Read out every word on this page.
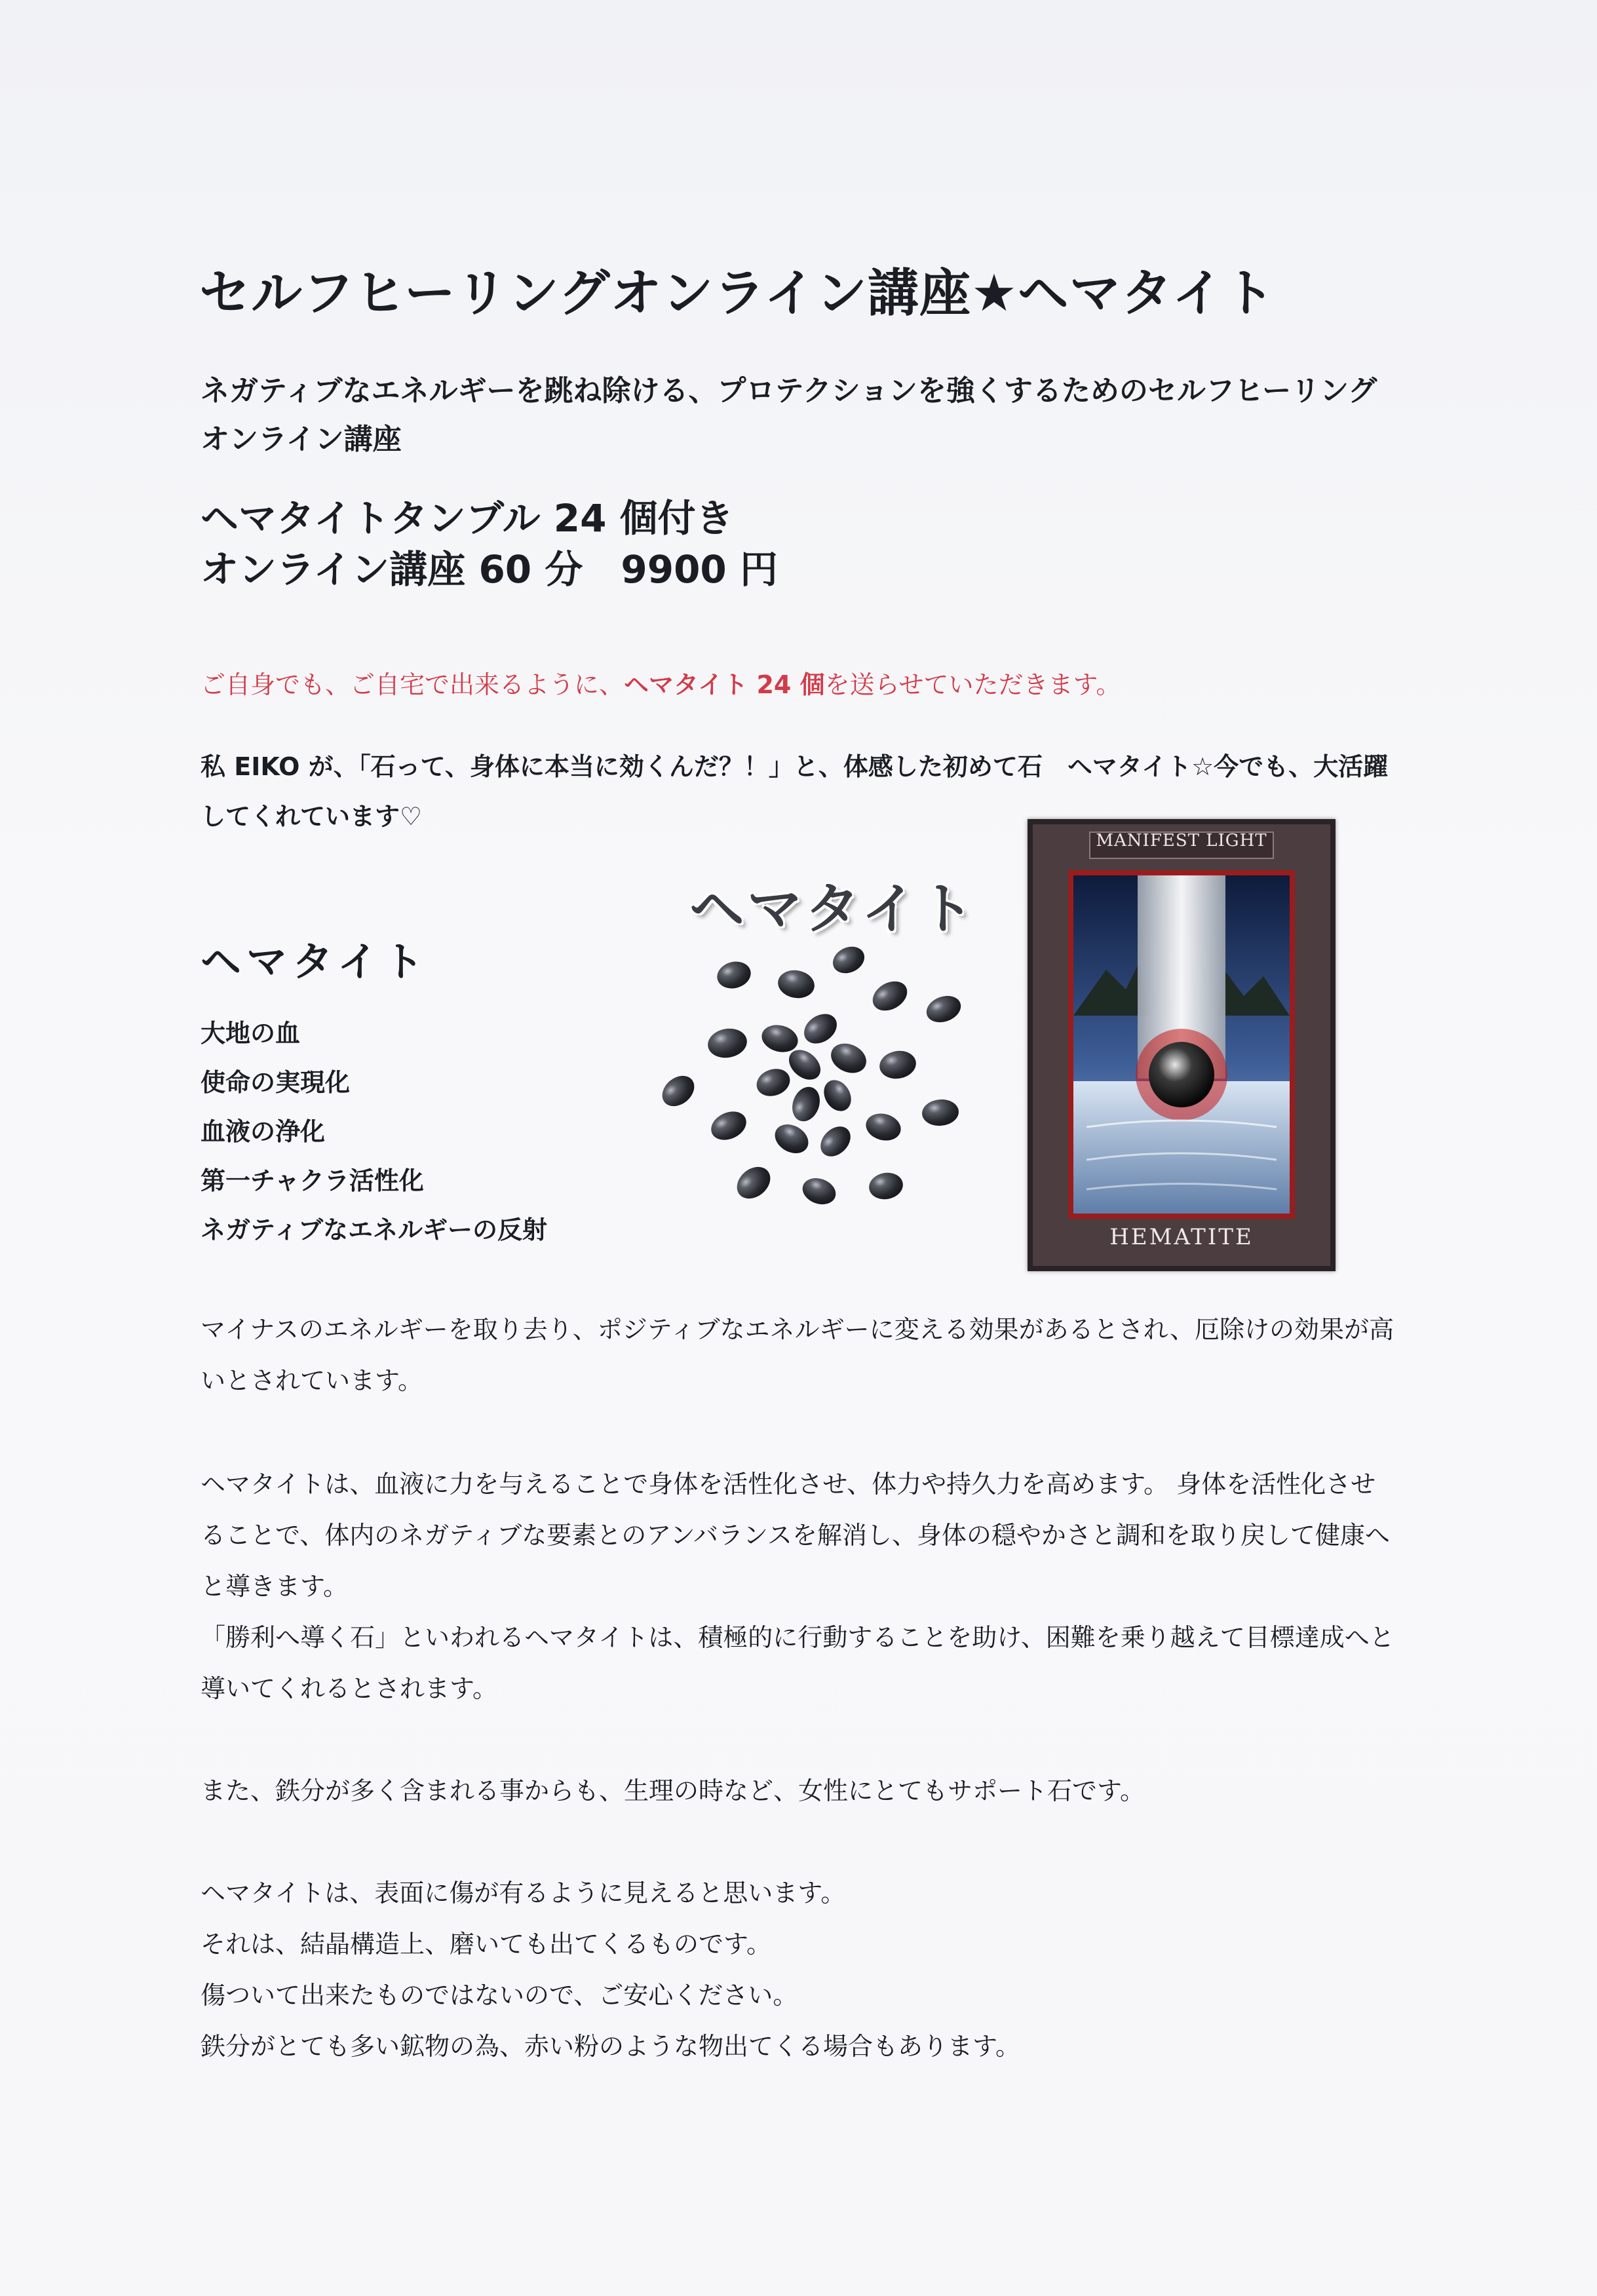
セルフヒーリングオンライン講座★ヘマタイト
ネガティブなエネルギーを跳ね除ける、プロテクションを強くするためのセルフヒーリングオンライン講座
ヘマタイトタンブル 24 個付き
オンライン講座 60 分　9900 円
ご自身でも、ご自宅で出来るように、ヘマタイト 24 個を送らせていただきます。
私 EIKO が、「石って、身体に本当に効くんだ？！」と、体感した初めて石　ヘマタイト☆今でも、大活躍してくれています♡
ヘマタイト
大地の血
使命の実現化
血液の浄化
第一チャクラ活性化
ネガティブなエネルギーの反射
ヘマタイト
MANIFEST LIGHT
HEMATITE

マイナスのエネルギーを取り去り、ポジティブなエネルギーに変える効果があるとされ、厄除けの効果が高いとされています。

ヘマタイトは、血液に力を与えることで身体を活性化させ、体力や持久力を高めます。 身体を活性化させることで、体内のネガティブな要素とのアンバランスを解消し、身体の穏やかさと調和を取り戻して健康へと導きます。

「勝利へ導く石」といわれるヘマタイトは、積極的に行動することを助け、困難を乗り越えて目標達成へと導いてくれるとされます。

また、鉄分が多く含まれる事からも、生理の時など、女性にとてもサポート石です。

ヘマタイトは、表面に傷が有るように見えると思います。

それは、結晶構造上、磨いても出てくるものです。

傷ついて出来たものではないので、ご安心ください。

鉄分がとても多い鉱物の為、赤い粉のような物出てくる場合もあります。
